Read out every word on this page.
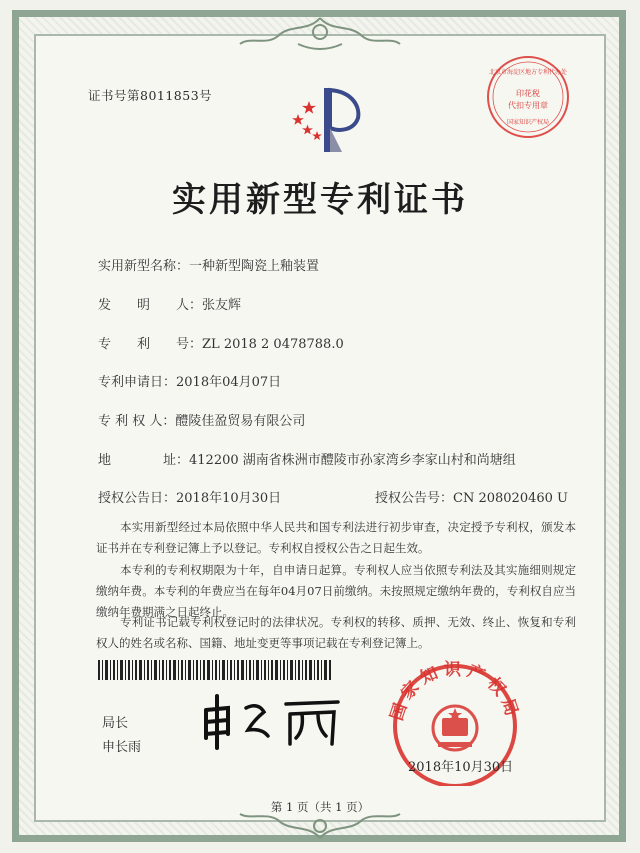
证书号第8011853号
北京市海淀区地方专利代办处
印花税
代扣专用章
国家知识产权局
实用新型专利证书
实用新型名称：一种新型陶瓷上釉装置
发　　明　　人：张友辉
专　　利　　号：ZL 2018 2 0478788.0
专利申请日：2018年04月07日
专 利 权 人：醴陵佳盈贸易有限公司
地　　　　址：412200 湖南省株洲市醴陵市孙家湾乡李家山村和尚塘组
授权公告日：2018年10月30日	授权公告号：CN 208020460 U
本实用新型经过本局依照中华人民共和国专利法进行初步审查，决定授予专利权，颁发本证书并在专利登记簿上予以登记。专利权自授权公告之日起生效。
本专利的专利权期限为十年，自申请日起算。专利权人应当依照专利法及其实施细则规定缴纳年费。本专利的年费应当在每年04月07日前缴纳。未按照规定缴纳年费的，专利权自应当缴纳年费期满之日起终止。
专利证书记载专利权登记时的法律状况。专利权的转移、质押、无效、终止、恢复和专利权人的姓名或名称、国籍、地址变更等事项记载在专利登记簿上。
局长
申长雨
国家知识产权局
2018年10月30日
第 1 页（共 1 页）
